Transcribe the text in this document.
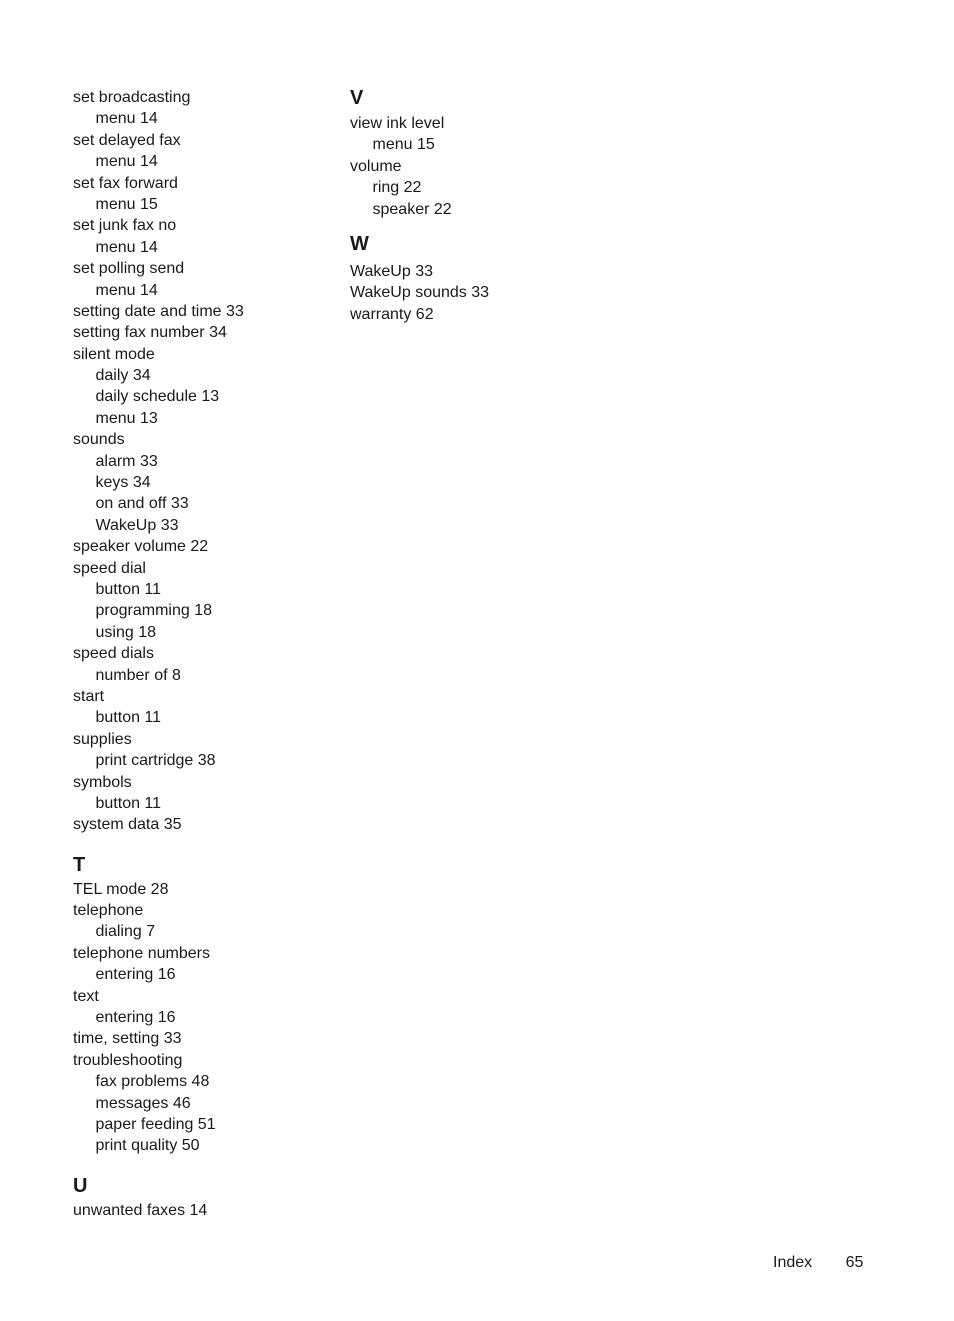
set broadcasting
menu 14
set delayed fax
menu 14
set fax forward
menu 15
set junk fax no
menu 14
set polling send
menu 14
setting date and time 33
setting fax number 34
silent mode
daily 34
daily schedule 13
menu 13
sounds
alarm 33
keys 34
on and off 33
WakeUp 33
speaker volume 22
speed dial
button 11
programming 18
using 18
speed dials
number of 8
start
button 11
supplies
print cartridge 38
symbols
button 11
system data 35
T
TEL mode 28
telephone
dialing 7
telephone numbers
entering 16
text
entering 16
time, setting 33
troubleshooting
fax problems 48
messages 46
paper feeding 51
print quality 50
U
unwanted faxes 14
V
view ink level
menu 15
volume
ring 22
speaker 22
W
WakeUp 33
WakeUp sounds 33
warranty 62
Index 65
